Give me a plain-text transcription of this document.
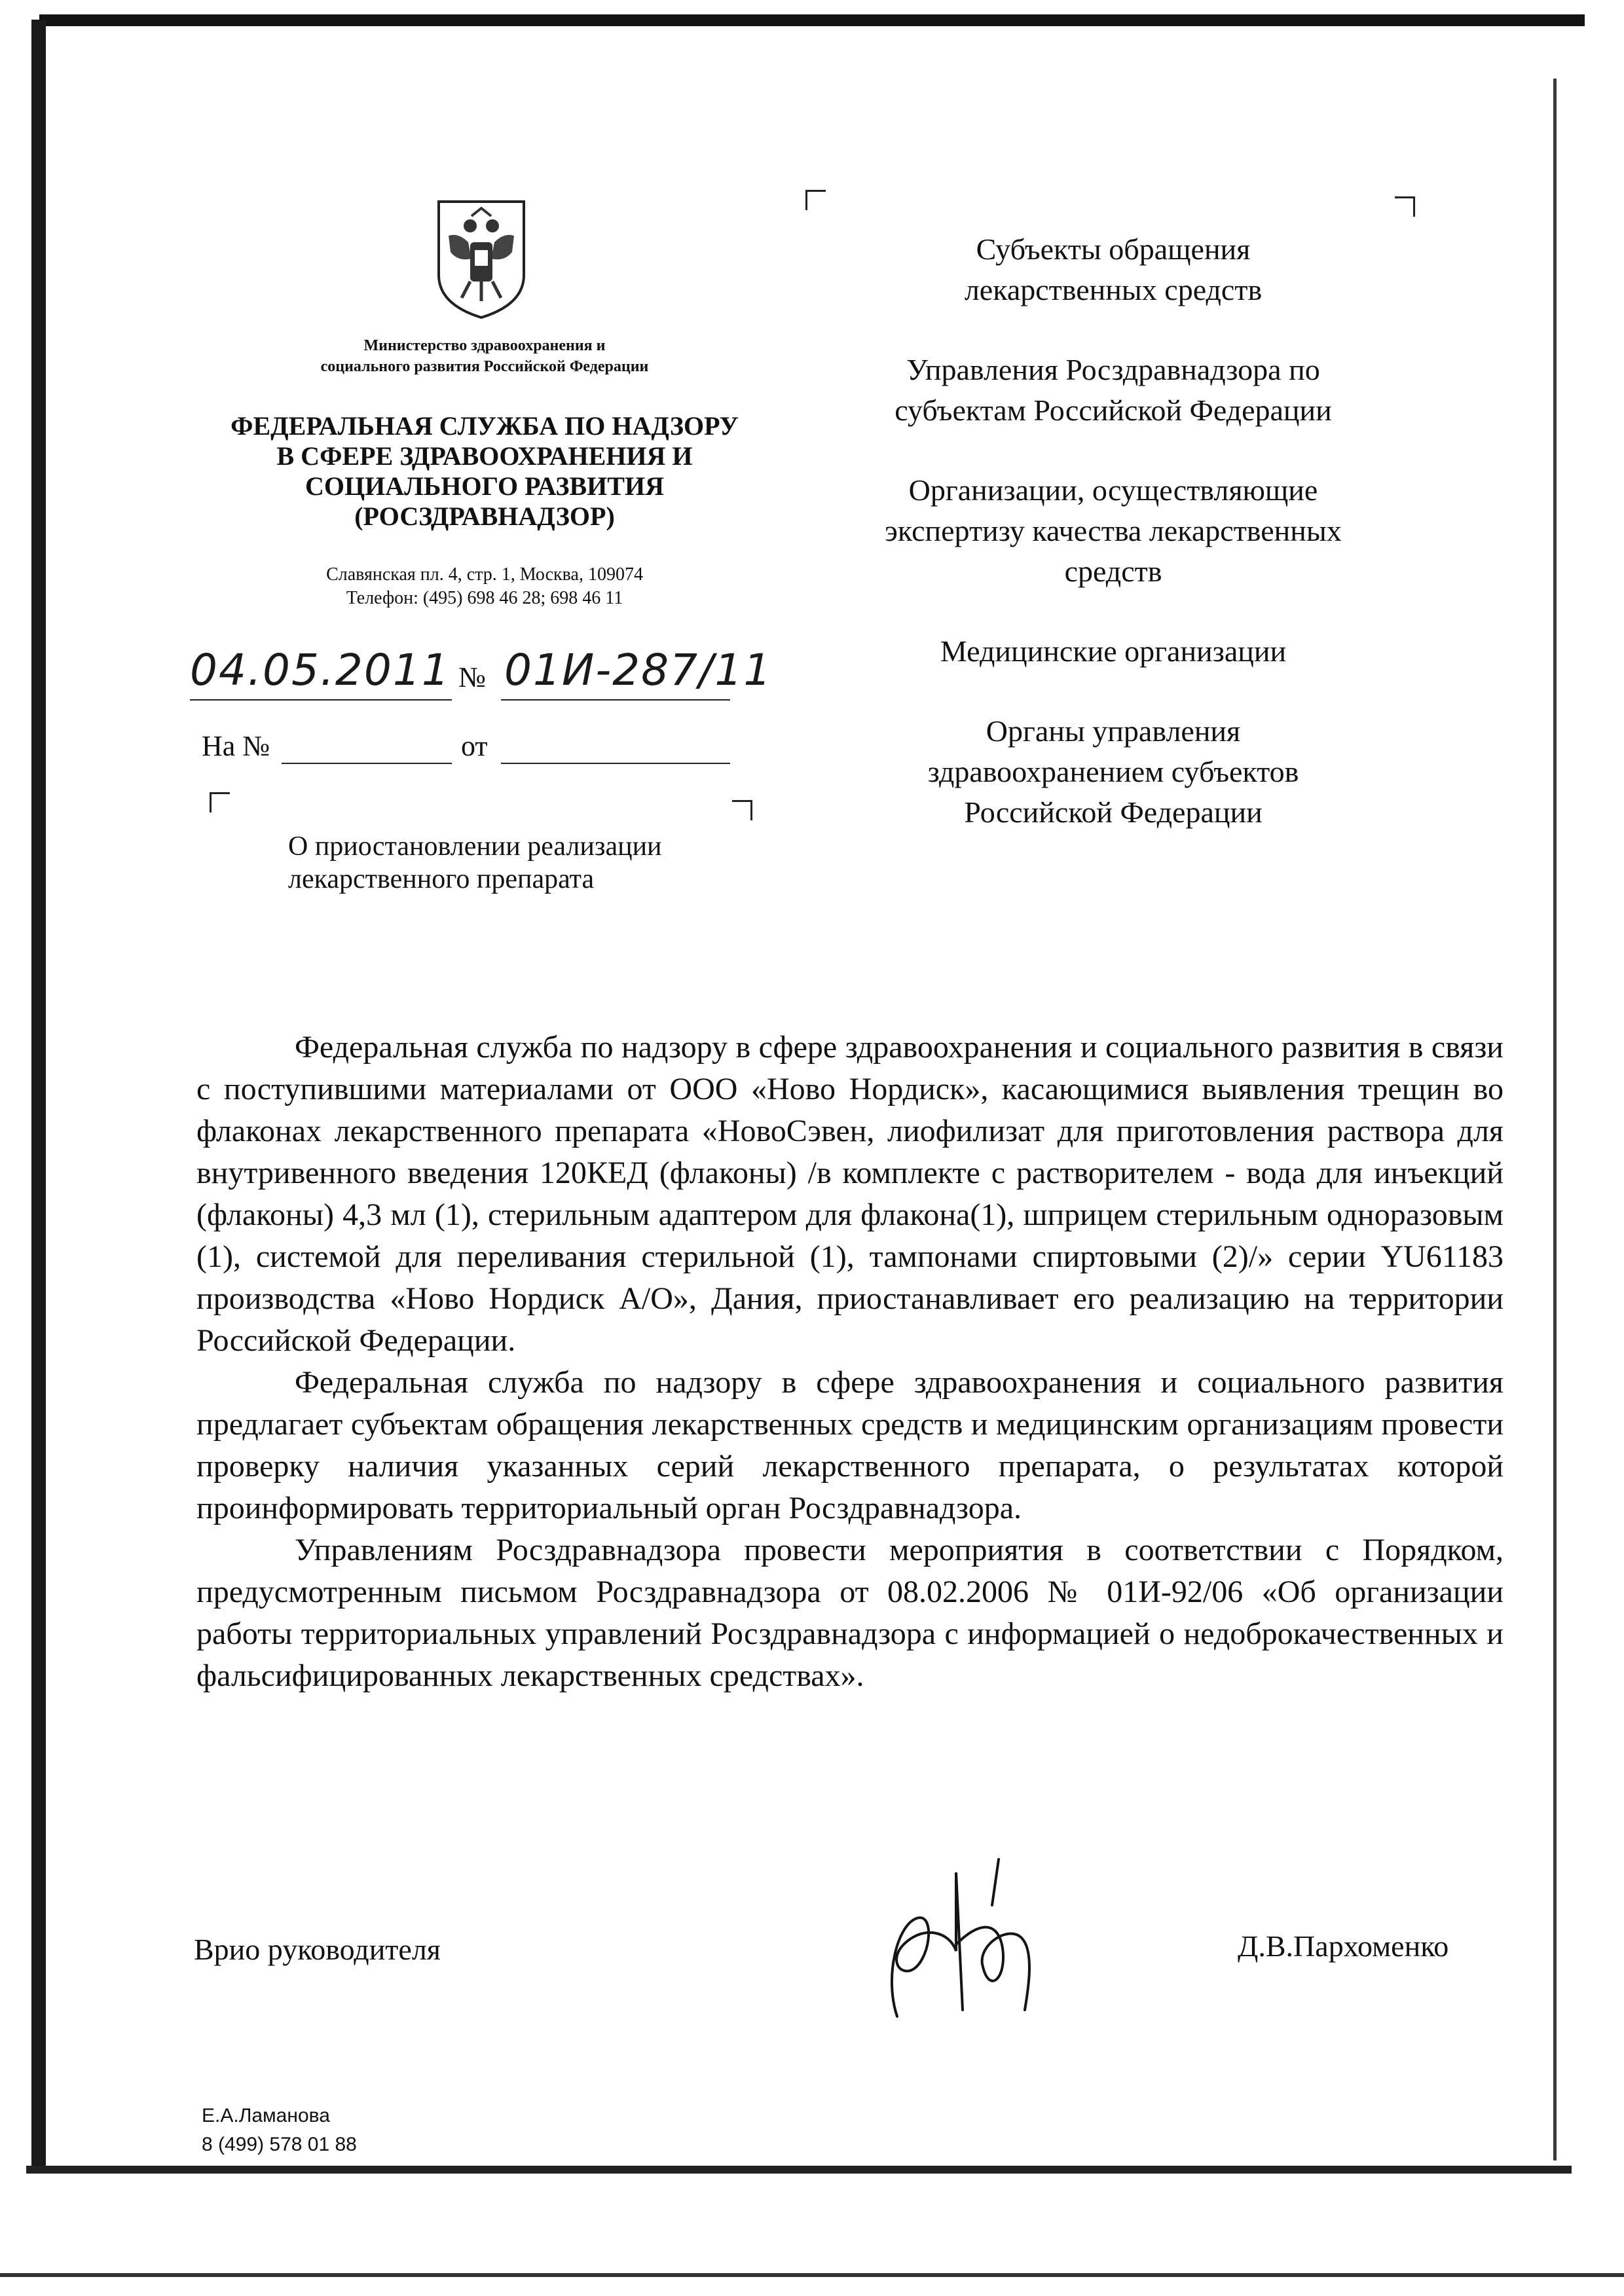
Министерство здравоохранения и
социального развития Российской Федерации
ФЕДЕРАЛЬНАЯ СЛУЖБА ПО НАДЗОРУ
В СФЕРЕ ЗДРАВООХРАНЕНИЯ И
СОЦИАЛЬНОГО РАЗВИТИЯ
(РОСЗДРАВНАДЗОР)
Славянская пл. 4, стр. 1, Москва, 109074
Телефон: (495) 698 46 28; 698 46 11
04.05.2011 № 01И-287/11
На №	от
О приостановлении реализации
лекарственного препарата
Субъекты обращения
лекарственных средств
Управления Росздравнадзора по
субъектам Российской Федерации
Организации, осуществляющие
экспертизу качества лекарственных
средств
Медицинские организации
Органы управления
здравоохранением субъектов
Российской Федерации

Федеральная служба по надзору в сфере здравоохранения и социального развития в связи с поступившими материалами от ООО «Ново Нордиск», касающимися выявления трещин во флаконах лекарственного препарата «НовоСэвен, лиофилизат для приготовления раствора для внутривенного введения 120КЕД (флаконы) /в комплекте с растворителем - вода для инъекций (флаконы) 4,3 мл (1), стерильным адаптером для флакона(1), шприцем стерильным одноразовым (1), системой для переливания стерильной (1), тампонами спиртовыми (2)/» серии YU61183 производства «Ново Нордиск А/О», Дания, приостанавливает его реализацию на территории Российской Федерации.

Федеральная служба по надзору в сфере здравоохранения и социального развития предлагает субъектам обращения лекарственных средств и медицинским организациям провести проверку наличия указанных серий лекарственного препарата, о результатах которой проинформировать территориальный орган Росздравнадзора.

Управлениям Росздравнадзора провести мероприятия в соответствии с Порядком, предусмотренным письмом Росздравнадзора от 08.02.2006 № 01И-92/06 «Об организации работы территориальных управлений Росздравнадзора с информацией о недоброкачественных и фальсифицированных лекарственных средствах».

Врио руководителя	Д.В.Пархоменко
Е.А.Ламанова
8 (499) 578 01 88
